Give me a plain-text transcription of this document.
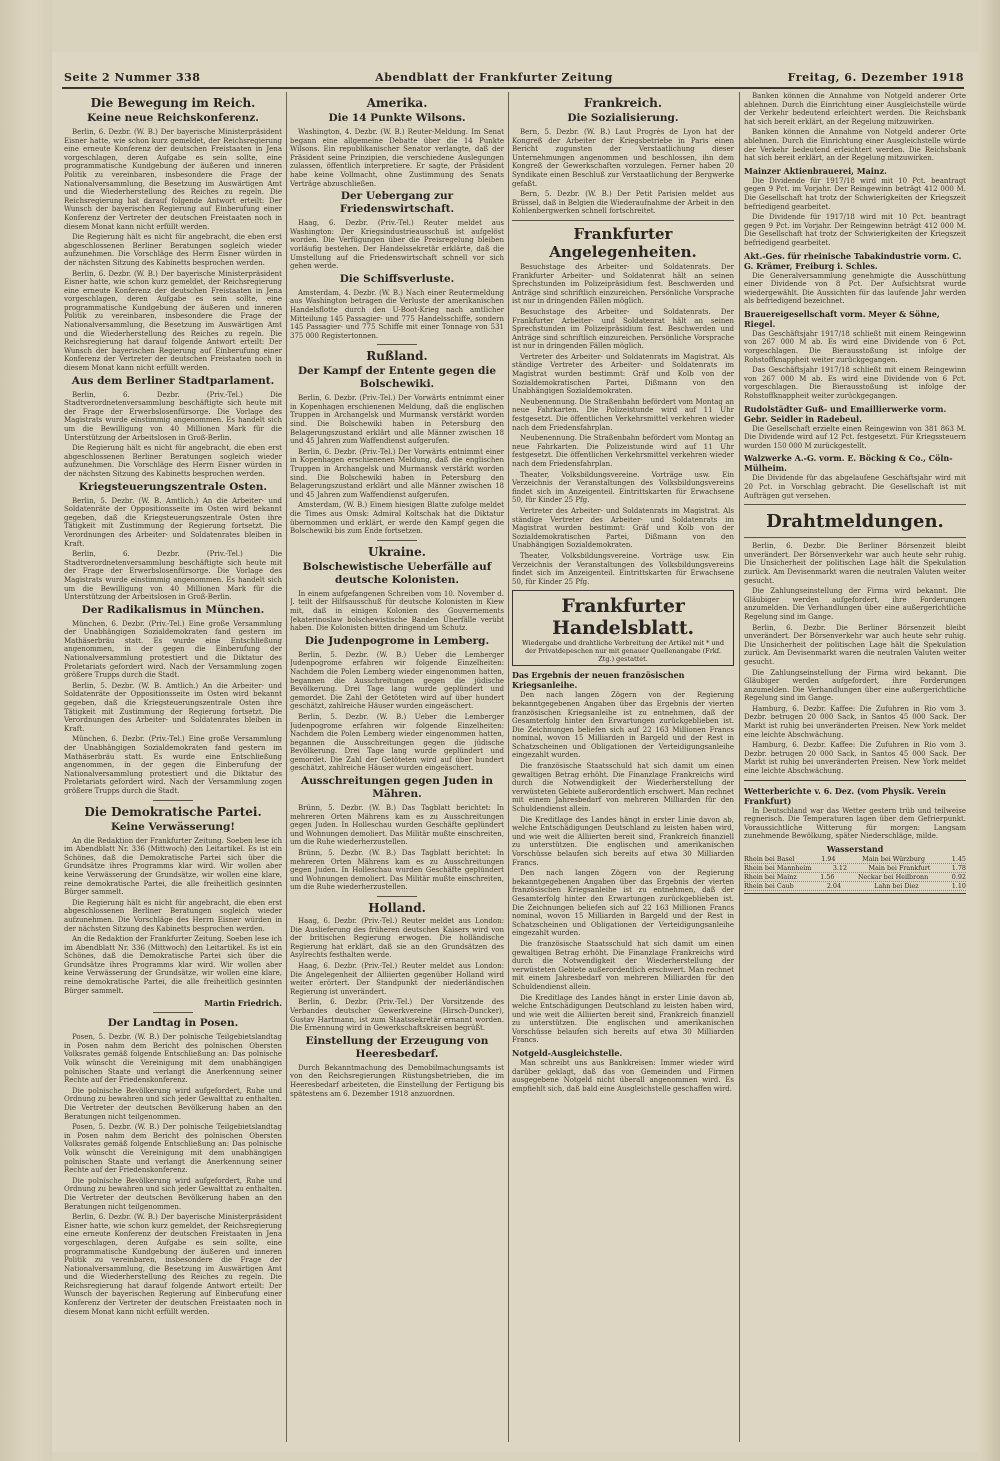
Seite 2 Nummer 338	Abendblatt der Frankfurter Zeitung	Freitag, 6. Dezember 1918
Die Bewegung im Reich.
Keine neue Reichskonferenz.

Berlin, 6. Dezbr. (W. B.) Der bayerische Ministerpräsident Eisner hatte, wie schon kurz gemeldet, der Reichsregierung eine erneute Konferenz der deutschen Freistaaten in Jena vorgeschlagen, deren Aufgabe es sein sollte, eine programmatische Kundgebung der äußeren und inneren Politik zu vereinbaren, insbesondere die Frage der Nationalversammlung, die Besetzung im Auswärtigen Amt und die Wiederherstellung des Reiches zu regeln. Die Reichsregierung hat darauf folgende Antwort erteilt: Der Wunsch der bayerischen Regierung auf Einberufung einer Konferenz der Vertreter der deutschen Freistaaten noch in diesem Monat kann nicht erfüllt werden.

Die Regierung hält es nicht für angebracht, die eben erst abgeschlossenen Berliner Beratungen sogleich wieder aufzunehmen. Die Vorschläge des Herrn Eisner würden in der nächsten Sitzung des Kabinetts besprochen werden.

Berlin, 6. Dezbr. (W. B.) Der bayerische Ministerpräsident Eisner hatte, wie schon kurz gemeldet, der Reichsregierung eine erneute Konferenz der deutschen Freistaaten in Jena vorgeschlagen, deren Aufgabe es sein sollte, eine programmatische Kundgebung der äußeren und inneren Politik zu vereinbaren, insbesondere die Frage der Nationalversammlung, die Besetzung im Auswärtigen Amt und die Wiederherstellung des Reiches zu regeln. Die Reichsregierung hat darauf folgende Antwort erteilt: Der Wunsch der bayerischen Regierung auf Einberufung einer Konferenz der Vertreter der deutschen Freistaaten noch in diesem Monat kann nicht erfüllt werden.

Aus dem Berliner Stadtparlament.

Berlin, 6. Dezbr. (Priv.-Tel.) Die Stadtverordnetenversammlung beschäftigte sich heute mit der Frage der Erwerbslosenfürsorge. Die Vorlage des Magistrats wurde einstimmig angenommen. Es handelt sich um die Bewilligung von 40 Millionen Mark für die Unterstützung der Arbeitslosen in Groß-Berlin.

Die Regierung hält es nicht für angebracht, die eben erst abgeschlossenen Berliner Beratungen sogleich wieder aufzunehmen. Die Vorschläge des Herrn Eisner würden in der nächsten Sitzung des Kabinetts besprochen werden.

Kriegsteuerungszentrale Osten.

Berlin, 5. Dezbr. (W. B. Amtlich.) An die Arbeiter- und Soldatenräte der Oppositionsseite im Osten wird bekannt gegeben, daß die Kriegsteuerungszentrale Osten ihre Tätigkeit mit Zustimmung der Regierung fortsetzt. Die Verordnungen des Arbeiter- und Soldatenrates bleiben in Kraft.

Berlin, 6. Dezbr. (Priv.-Tel.) Die Stadtverordnetenversammlung beschäftigte sich heute mit der Frage der Erwerbslosenfürsorge. Die Vorlage des Magistrats wurde einstimmig angenommen. Es handelt sich um die Bewilligung von 40 Millionen Mark für die Unterstützung der Arbeitslosen in Groß-Berlin.

Der Radikalismus in München.

München, 6. Dezbr. (Priv.-Tel.) Eine große Versammlung der Unabhängigen Sozialdemokraten fand gestern im Mathäserbräu statt. Es wurde eine Entschließung angenommen, in der gegen die Einberufung der Nationalversammlung protestiert und die Diktatur des Proletariats gefordert wird. Nach der Versammlung zogen größere Trupps durch die Stadt.

Berlin, 5. Dezbr. (W. B. Amtlich.) An die Arbeiter- und Soldatenräte der Oppositionsseite im Osten wird bekannt gegeben, daß die Kriegsteuerungszentrale Osten ihre Tätigkeit mit Zustimmung der Regierung fortsetzt. Die Verordnungen des Arbeiter- und Soldatenrates bleiben in Kraft.

München, 6. Dezbr. (Priv.-Tel.) Eine große Versammlung der Unabhängigen Sozialdemokraten fand gestern im Mathäserbräu statt. Es wurde eine Entschließung angenommen, in der gegen die Einberufung der Nationalversammlung protestiert und die Diktatur des Proletariats gefordert wird. Nach der Versammlung zogen größere Trupps durch die Stadt.

Die Demokratische Partei.
Keine Verwässerung!

An die Redaktion der Frankfurter Zeitung. Soeben lese ich im Abendblatt Nr. 336 (Mittwoch) den Leitartikel. Es ist ein Schönes, daß die Demokratische Partei sich über die Grundsätze ihres Programms klar wird. Wir wollen aber keine Verwässerung der Grundsätze, wir wollen eine klare, reine demokratische Partei, die alle freiheitlich gesinnten Bürger sammelt.

Die Regierung hält es nicht für angebracht, die eben erst abgeschlossenen Berliner Beratungen sogleich wieder aufzunehmen. Die Vorschläge des Herrn Eisner würden in der nächsten Sitzung des Kabinetts besprochen werden.

An die Redaktion der Frankfurter Zeitung. Soeben lese ich im Abendblatt Nr. 336 (Mittwoch) den Leitartikel. Es ist ein Schönes, daß die Demokratische Partei sich über die Grundsätze ihres Programms klar wird. Wir wollen aber keine Verwässerung der Grundsätze, wir wollen eine klare, reine demokratische Partei, die alle freiheitlich gesinnten Bürger sammelt.

Martin Friedrich.
Der Landtag in Posen.

Posen, 5. Dezbr. (W. B.) Der polnische Teilgebietslandtag in Posen nahm dem Bericht des polnischen Obersten Volksrates gemäß folgende Entschließung an: Das polnische Volk wünscht die Vereinigung mit dem unabhängigen polnischen Staate und verlangt die Anerkennung seiner Rechte auf der Friedenskonferenz.

Die polnische Bevölkerung wird aufgefordert, Ruhe und Ordnung zu bewahren und sich jeder Gewalttat zu enthalten. Die Vertreter der deutschen Bevölkerung haben an den Beratungen nicht teilgenommen.

Posen, 5. Dezbr. (W. B.) Der polnische Teilgebietslandtag in Posen nahm dem Bericht des polnischen Obersten Volksrates gemäß folgende Entschließung an: Das polnische Volk wünscht die Vereinigung mit dem unabhängigen polnischen Staate und verlangt die Anerkennung seiner Rechte auf der Friedenskonferenz.

Die polnische Bevölkerung wird aufgefordert, Ruhe und Ordnung zu bewahren und sich jeder Gewalttat zu enthalten. Die Vertreter der deutschen Bevölkerung haben an den Beratungen nicht teilgenommen.

Berlin, 6. Dezbr. (W. B.) Der bayerische Ministerpräsident Eisner hatte, wie schon kurz gemeldet, der Reichsregierung eine erneute Konferenz der deutschen Freistaaten in Jena vorgeschlagen, deren Aufgabe es sein sollte, eine programmatische Kundgebung der äußeren und inneren Politik zu vereinbaren, insbesondere die Frage der Nationalversammlung, die Besetzung im Auswärtigen Amt und die Wiederherstellung des Reiches zu regeln. Die Reichsregierung hat darauf folgende Antwort erteilt: Der Wunsch der bayerischen Regierung auf Einberufung einer Konferenz der Vertreter der deutschen Freistaaten noch in diesem Monat kann nicht erfüllt werden.

Amerika.
Die 14 Punkte Wilsons.

Washington, 4. Dezbr. (W. B.) Reuter-Meldung. Im Senat begann eine allgemeine Debatte über die 14 Punkte Wilsons. Ein republikanischer Senator verlangte, daß der Präsident seine Prinzipien, die verschiedene Auslegungen zulassen, öffentlich interpretiere. Er sagte, der Präsident habe keine Vollmacht, ohne Zustimmung des Senats Verträge abzuschließen.

Der Uebergang zur Friedenswirtschaft.

Haag, 6. Dezbr. (Priv.-Tel.) Reuter meldet aus Washington: Der Kriegsindustrieausschuß ist aufgelöst worden. Die Verfügungen über die Preisregelung bleiben vorläufig bestehen. Der Handelssekretär erklärte, daß die Umstellung auf die Friedenswirtschaft schnell vor sich gehen werde.

Die Schiffsverluste.

Amsterdam, 4. Dezbr. (W. B.) Nach einer Reutermeldung aus Washington betragen die Verluste der amerikanischen Handelsflotte durch den U-Boot-Krieg nach amtlicher Mitteilung 145 Passagier- und 775 Handelsschiffe, sondern 145 Passagier- und 775 Schiffe mit einer Tonnage von 531 375 000 Registertonnen.

Rußland.
Der Kampf der Entente gegen die Bolschewiki.

Berlin, 6. Dezbr. (Priv.-Tel.) Der Vorwärts entnimmt einer in Kopenhagen erschienenen Meldung, daß die englischen Truppen in Archangelsk und Murmansk verstärkt worden sind. Die Bolschewiki haben in Petersburg den Belagerungszustand erklärt und alle Männer zwischen 18 und 45 Jahren zum Waffendienst aufgerufen.

Berlin, 6. Dezbr. (Priv.-Tel.) Der Vorwärts entnimmt einer in Kopenhagen erschienenen Meldung, daß die englischen Truppen in Archangelsk und Murmansk verstärkt worden sind. Die Bolschewiki haben in Petersburg den Belagerungszustand erklärt und alle Männer zwischen 18 und 45 Jahren zum Waffendienst aufgerufen.

Amsterdam, (W. B.) Einem hiesigen Blatte zufolge meldet die Times aus Omsk: Admiral Koltschak hat die Diktatur übernommen und erklärt, er werde den Kampf gegen die Bolschewiki bis zum Ende fortsetzen.

Ukraine.
Bolschewistische Ueberfälle auf deutsche Kolonisten.

In einem aufgefangenen Schreiben vom 10. November d. J. teilt der Hilfsausschuß für deutsche Kolonisten in Kiew mit, daß in einigen Kolonien des Gouvernements Jekaterinoslaw bolschewistische Banden Überfälle verübt haben. Die Kolonisten bitten dringend um Schutz.

Die Judenpogrome in Lemberg.

Berlin, 5. Dezbr. (W. B.) Ueber die Lemberger Judenpogrome erfahren wir folgende Einzelheiten: Nachdem die Polen Lemberg wieder eingenommen hatten, begannen die Ausschreitungen gegen die jüdische Bevölkerung. Drei Tage lang wurde geplündert und gemordet. Die Zahl der Getöteten wird auf über hundert geschätzt, zahlreiche Häuser wurden eingeäschert.

Berlin, 5. Dezbr. (W. B.) Ueber die Lemberger Judenpogrome erfahren wir folgende Einzelheiten: Nachdem die Polen Lemberg wieder eingenommen hatten, begannen die Ausschreitungen gegen die jüdische Bevölkerung. Drei Tage lang wurde geplündert und gemordet. Die Zahl der Getöteten wird auf über hundert geschätzt, zahlreiche Häuser wurden eingeäschert.

Ausschreitungen gegen Juden in Mähren.

Brünn, 5. Dezbr. (W. B.) Das Tagblatt berichtet: In mehreren Orten Mährens kam es zu Ausschreitungen gegen Juden. In Holleschau wurden Geschäfte geplündert und Wohnungen demoliert. Das Militär mußte einschreiten, um die Ruhe wiederherzustellen.

Brünn, 5. Dezbr. (W. B.) Das Tagblatt berichtet: In mehreren Orten Mährens kam es zu Ausschreitungen gegen Juden. In Holleschau wurden Geschäfte geplündert und Wohnungen demoliert. Das Militär mußte einschreiten, um die Ruhe wiederherzustellen.

Holland.

Haag, 6. Dezbr. (Priv.-Tel.) Reuter meldet aus London: Die Auslieferung des früheren deutschen Kaisers wird von der britischen Regierung erwogen. Die holländische Regierung hat erklärt, daß sie an den Grundsätzen des Asylrechts festhalten werde.

Haag, 6. Dezbr. (Priv.-Tel.) Reuter meldet aus London: Die Angelegenheit der Alliierten gegenüber Holland wird weiter erörtert. Der Standpunkt der niederländischen Regierung ist unverändert.

Berlin, 6. Dezbr. (Priv.-Tel.) Der Vorsitzende des Verbandes deutscher Gewerkvereine (Hirsch-Duncker), Gustav Hartmann, ist zum Staatssekretär ernannt worden. Die Ernennung wird in Gewerkschaftskreisen begrüßt.

Einstellung der Erzeugung von Heeresbedarf.

Durch Bekanntmachung des Demobilmachungsamts ist von den Reichsregierungen Rüstungsbetrieben, die im Heeresbedarf arbeiteten, die Einstellung der Fertigung bis spätestens am 6. Dezember 1918 anzuordnen.

Frankreich.
Die Sozialisierung.

Bern, 5. Dezbr. (W. B.) Laut Progrès de Lyon hat der Kongreß der Arbeiter der Kriegsbetriebe in Paris einen Bericht zugunsten der Verstaatlichung dieser Unternehmungen angenommen und beschlossen, ihn dem Kongreß der Gewerkschaften vorzulegen. Ferner haben 20 Syndikate einen Beschluß zur Verstaatlichung der Bergwerke gefaßt.

Bern, 5. Dezbr. (W. B.) Der Petit Parisien meldet aus Brüssel, daß in Belgien die Wiederaufnahme der Arbeit in den Kohlenbergwerken schnell fortschreitet.

Frankfurter Angelegenheiten.

Besuchstage des Arbeiter- und Soldatenrats. Der Frankfurter Arbeiter- und Soldatenrat hält an seinen Sprechstunden im Polizeipräsidium fest. Beschwerden und Anträge sind schriftlich einzureichen. Persönliche Vorsprache ist nur in dringenden Fällen möglich.

Besuchstage des Arbeiter- und Soldatenrats. Der Frankfurter Arbeiter- und Soldatenrat hält an seinen Sprechstunden im Polizeipräsidium fest. Beschwerden und Anträge sind schriftlich einzureichen. Persönliche Vorsprache ist nur in dringenden Fällen möglich.

Vertreter des Arbeiter- und Soldatenrats im Magistrat. Als ständige Vertreter des Arbeiter- und Soldatenrats im Magistrat wurden bestimmt: Gräf und Kolb von der Sozialdemokratischen Partei, Dißmann von den Unabhängigen Sozialdemokraten.

Neubenennung. Die Straßenbahn befördert vom Montag an neue Fahrkarten. Die Polizeistunde wird auf 11 Uhr festgesetzt. Die öffentlichen Verkehrsmittel verkehren wieder nach dem Friedensfahrplan.

Neubenennung. Die Straßenbahn befördert vom Montag an neue Fahrkarten. Die Polizeistunde wird auf 11 Uhr festgesetzt. Die öffentlichen Verkehrsmittel verkehren wieder nach dem Friedensfahrplan.

Theater, Volksbildungsvereine. Vorträge usw. Ein Verzeichnis der Veranstaltungen des Volksbildungsvereins findet sich im Anzeigenteil. Eintrittskarten für Erwachsene 50, für Kinder 25 Pfg.

Vertreter des Arbeiter- und Soldatenrats im Magistrat. Als ständige Vertreter des Arbeiter- und Soldatenrats im Magistrat wurden bestimmt: Gräf und Kolb von der Sozialdemokratischen Partei, Dißmann von den Unabhängigen Sozialdemokraten.

Theater, Volksbildungsvereine. Vorträge usw. Ein Verzeichnis der Veranstaltungen des Volksbildungsvereins findet sich im Anzeigenteil. Eintrittskarten für Erwachsene 50, für Kinder 25 Pfg.

Frankfurter Handelsblatt.
Wiedergabe und drahtliche Verbreitung der Artikel mit * und der Privatdepeschen nur mit genauer Quellenangabe (Frkf. Ztg.) gestattet.
Das Ergebnis der neuen französischen Kriegsanleihe.

Den nach langen Zögern von der Regierung bekanntgegebenen Angaben über das Ergebnis der vierten französischen Kriegsanleihe ist zu entnehmen, daß der Gesamterfolg hinter den Erwartungen zurückgeblieben ist. Die Zeichnungen beliefen sich auf 22 163 Millionen Francs nominal, wovon 15 Milliarden in Bargeld und der Rest in Schatzscheinen und Obligationen der Verteidigungsanleihe eingezahlt wurden.

Die französische Staatsschuld hat sich damit um einen gewaltigen Betrag erhöht. Die Finanzlage Frankreichs wird durch die Notwendigkeit der Wiederherstellung der verwüsteten Gebiete außerordentlich erschwert. Man rechnet mit einem Jahresbedarf von mehreren Milliarden für den Schuldendienst allein.

Die Kreditlage des Landes hängt in erster Linie davon ab, welche Entschädigungen Deutschland zu leisten haben wird, und wie weit die Alliierten bereit sind, Frankreich finanziell zu unterstützen. Die englischen und amerikanischen Vorschüsse belaufen sich bereits auf etwa 30 Milliarden Francs.

Den nach langen Zögern von der Regierung bekanntgegebenen Angaben über das Ergebnis der vierten französischen Kriegsanleihe ist zu entnehmen, daß der Gesamterfolg hinter den Erwartungen zurückgeblieben ist. Die Zeichnungen beliefen sich auf 22 163 Millionen Francs nominal, wovon 15 Milliarden in Bargeld und der Rest in Schatzscheinen und Obligationen der Verteidigungsanleihe eingezahlt wurden.

Die französische Staatsschuld hat sich damit um einen gewaltigen Betrag erhöht. Die Finanzlage Frankreichs wird durch die Notwendigkeit der Wiederherstellung der verwüsteten Gebiete außerordentlich erschwert. Man rechnet mit einem Jahresbedarf von mehreren Milliarden für den Schuldendienst allein.

Die Kreditlage des Landes hängt in erster Linie davon ab, welche Entschädigungen Deutschland zu leisten haben wird, und wie weit die Alliierten bereit sind, Frankreich finanziell zu unterstützen. Die englischen und amerikanischen Vorschüsse belaufen sich bereits auf etwa 30 Milliarden Francs.

Notgeld-Ausgleichstelle.

Man schreibt uns aus Bankkreisen: Immer wieder wird darüber geklagt, daß das von Gemeinden und Firmen ausgegebene Notgeld nicht überall angenommen wird. Es empfiehlt sich, daß bald eine Ausgleichstelle geschaffen wird.

Banken können die Annahme von Notgeld anderer Orte ablehnen. Durch die Einrichtung einer Ausgleichstelle würde der Verkehr bedeutend erleichtert werden. Die Reichsbank hat sich bereit erklärt, an der Regelung mitzuwirken.

Banken können die Annahme von Notgeld anderer Orte ablehnen. Durch die Einrichtung einer Ausgleichstelle würde der Verkehr bedeutend erleichtert werden. Die Reichsbank hat sich bereit erklärt, an der Regelung mitzuwirken.

Mainzer Aktienbrauerei, Mainz.

Die Dividende für 1917/18 wird mit 10 Pct. beantragt gegen 9 Pct. im Vorjahr. Der Reingewinn beträgt 412 000 M. Die Gesellschaft hat trotz der Schwierigkeiten der Kriegszeit befriedigend gearbeitet.

Die Dividende für 1917/18 wird mit 10 Pct. beantragt gegen 9 Pct. im Vorjahr. Der Reingewinn beträgt 412 000 M. Die Gesellschaft hat trotz der Schwierigkeiten der Kriegszeit befriedigend gearbeitet.

Akt.-Ges. für rheinische Tabakindustrie vorm. C. G. Krämer, Freiburg i. Schles.

Die Generalversammlung genehmigte die Ausschüttung einer Dividende von 8 Pct. Der Aufsichtsrat wurde wiedergewählt. Die Aussichten für das laufende Jahr werden als befriedigend bezeichnet.

Brauereigesellschaft vorm. Meyer & Söhne, Riegel.

Das Geschäftsjahr 1917/18 schließt mit einem Reingewinn von 267 000 M ab. Es wird eine Dividende von 6 Pct. vorgeschlagen. Die Bierausstoßung ist infolge der Rohstoffknappheit weiter zurückgegangen.

Das Geschäftsjahr 1917/18 schließt mit einem Reingewinn von 267 000 M ab. Es wird eine Dividende von 6 Pct. vorgeschlagen. Die Bierausstoßung ist infolge der Rohstoffknappheit weiter zurückgegangen.

Rudolstädter Guß- und Emaillierwerke vorm. Gebr. Seidler in Radebeul.

Die Gesellschaft erzielte einen Reingewinn von 381 863 M. Die Dividende wird auf 12 Pct. festgesetzt. Für Kriegssteuern wurden 150 000 M zurückgestellt.

Walzwerke A.-G. vorm. E. Böcking & Co., Cöln-Mülheim.

Die Dividende für das abgelaufene Geschäftsjahr wird mit 20 Pct. in Vorschlag gebracht. Die Gesellschaft ist mit Aufträgen gut versehen.

Drahtmeldungen.

Berlin, 6. Dezbr. Die Berliner Börsenzeit bleibt unverändert. Der Börsenverkehr war auch heute sehr ruhig. Die Unsicherheit der politischen Lage hält die Spekulation zurück. Am Devisenmarkt waren die neutralen Valuten weiter gesucht.

Die Zahlungseinstellung der Firma wird bekannt. Die Gläubiger werden aufgefordert, ihre Forderungen anzumelden. Die Verhandlungen über eine außergerichtliche Regelung sind im Gange.

Berlin, 6. Dezbr. Die Berliner Börsenzeit bleibt unverändert. Der Börsenverkehr war auch heute sehr ruhig. Die Unsicherheit der politischen Lage hält die Spekulation zurück. Am Devisenmarkt waren die neutralen Valuten weiter gesucht.

Die Zahlungseinstellung der Firma wird bekannt. Die Gläubiger werden aufgefordert, ihre Forderungen anzumelden. Die Verhandlungen über eine außergerichtliche Regelung sind im Gange.

Hamburg, 6. Dezbr. Kaffee: Die Zufuhren in Rio vom 3. Dezbr. betrugen 20 000 Sack, in Santos 45 000 Sack. Der Markt ist ruhig bei unveränderten Preisen. New York meldet eine leichte Abschwächung.

Hamburg, 6. Dezbr. Kaffee: Die Zufuhren in Rio vom 3. Dezbr. betrugen 20 000 Sack, in Santos 45 000 Sack. Der Markt ist ruhig bei unveränderten Preisen. New York meldet eine leichte Abschwächung.

Wetterberichte v. 6. Dez. (vom Physik. Verein Frankfurt)

In Deutschland war das Wetter gestern trüb und teilweise regnerisch. Die Temperaturen lagen über dem Gefrierpunkt. Voraussichtliche Witterung für morgen: Langsam zunehmende Bewölkung, später Niederschläge, milde.

Wasserstand
Rhein bei Basel	1.94	Main bei Würzburg	1.45
Rhein bei Mannheim	3.12	Main bei Frankfurt	1.78
Rhein bei Mainz	1.56	Neckar bei Heilbronn	0.92
Rhein bei Caub	2.04	Lahn bei Diez	1.10
